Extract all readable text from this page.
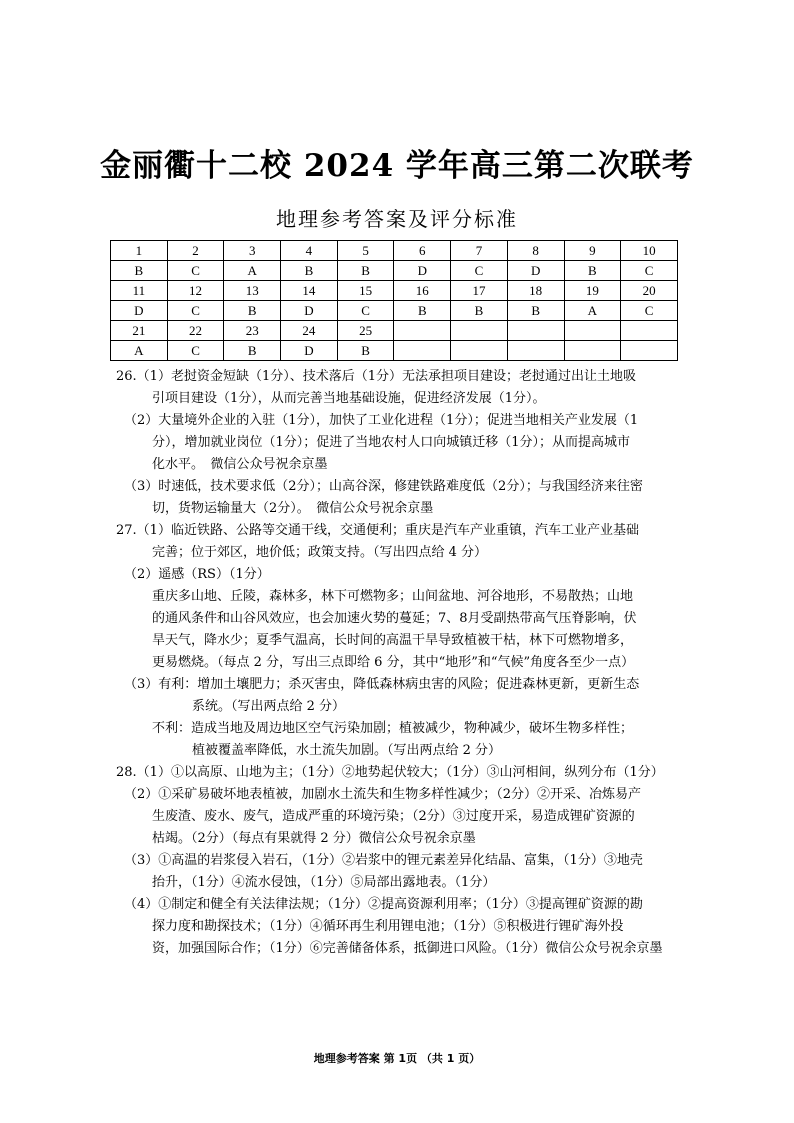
金丽衢十二校 2024 学年高三第二次联考
地理参考答案及评分标准
1	2	3	4	5	6	7	8	9	10
B	C	A	B	B	D	C	D	B	C
11	12	13	14	15	16	17	18	19	20
D	C	B	D	C	B	B	B	A	C
21	22	23	24	25					
A	C	B	D	B					
26.（1）老挝资金短缺（1分）、技术落后（1分）无法承担项目建设；老挝通过出让土地吸
引项目建设（1分），从而完善当地基础设施，促进经济发展（1分）。
（2）大量境外企业的入驻（1分），加快了工业化进程（1分）；促进当地相关产业发展（1
分），增加就业岗位（1分）；促进了当地农村人口向城镇迁移（1分）；从而提高城市
化水平。　微信公众号祝余京墨
（3）时速低，技术要求低（2分）；山高谷深，修建铁路难度低（2分）；与我国经济来往密
切，货物运输量大（2分）。　微信公众号祝余京墨
27.（1）临近铁路、公路等交通干线，交通便利；重庆是汽车产业重镇，汽车工业产业基础
完善；位于郊区，地价低；政策支持。（写出四点给 4 分）
（2）遥感（RS）（1分）
重庆多山地、丘陵，森林多，林下可燃物多；山间盆地、河谷地形，不易散热；山地
的通风条件和山谷风效应，也会加速火势的蔓延；7、8月受副热带高气压脊影响，伏
旱天气，降水少；夏季气温高，长时间的高温干旱导致植被干枯，林下可燃物增多，
更易燃烧。（每点 2 分，写出三点即给 6 分，其中“地形”和“气候”角度各至少一点）
（3）有利：增加土壤肥力；杀灭害虫，降低森林病虫害的风险；促进森林更新，更新生态
系统。（写出两点给 2 分）
不利：造成当地及周边地区空气污染加剧；植被减少，物种减少，破坏生物多样性；
植被覆盖率降低，水土流失加剧。（写出两点给 2 分）
28.（1）①以高原、山地为主；（1分）②地势起伏较大；（1分）③山河相间，纵列分布（1分）
（2）①采矿易破坏地表植被，加剧水土流失和生物多样性减少；（2分）②开采、冶炼易产
生废渣、废水、废气，造成严重的环境污染；（2分）③过度开采，易造成锂矿资源的
枯竭。（2分）（每点有果就得 2 分）微信公众号祝余京墨
（3）①高温的岩浆侵入岩石，（1分）②岩浆中的锂元素差异化结晶、富集，（1分）③地壳
抬升，（1分）④流水侵蚀，（1分）⑤局部出露地表。（1分）
（4）①制定和健全有关法律法规；（1分）②提高资源利用率；（1分）③提高锂矿资源的勘
探力度和勘探技术；（1分）④循环再生利用锂电池；（1分）⑤积极进行锂矿海外投
资，加强国际合作；（1分）⑥完善储备体系，抵御进口风险。（1分）微信公众号祝余京墨
地理参考答案 第 1页 （共 1 页）
